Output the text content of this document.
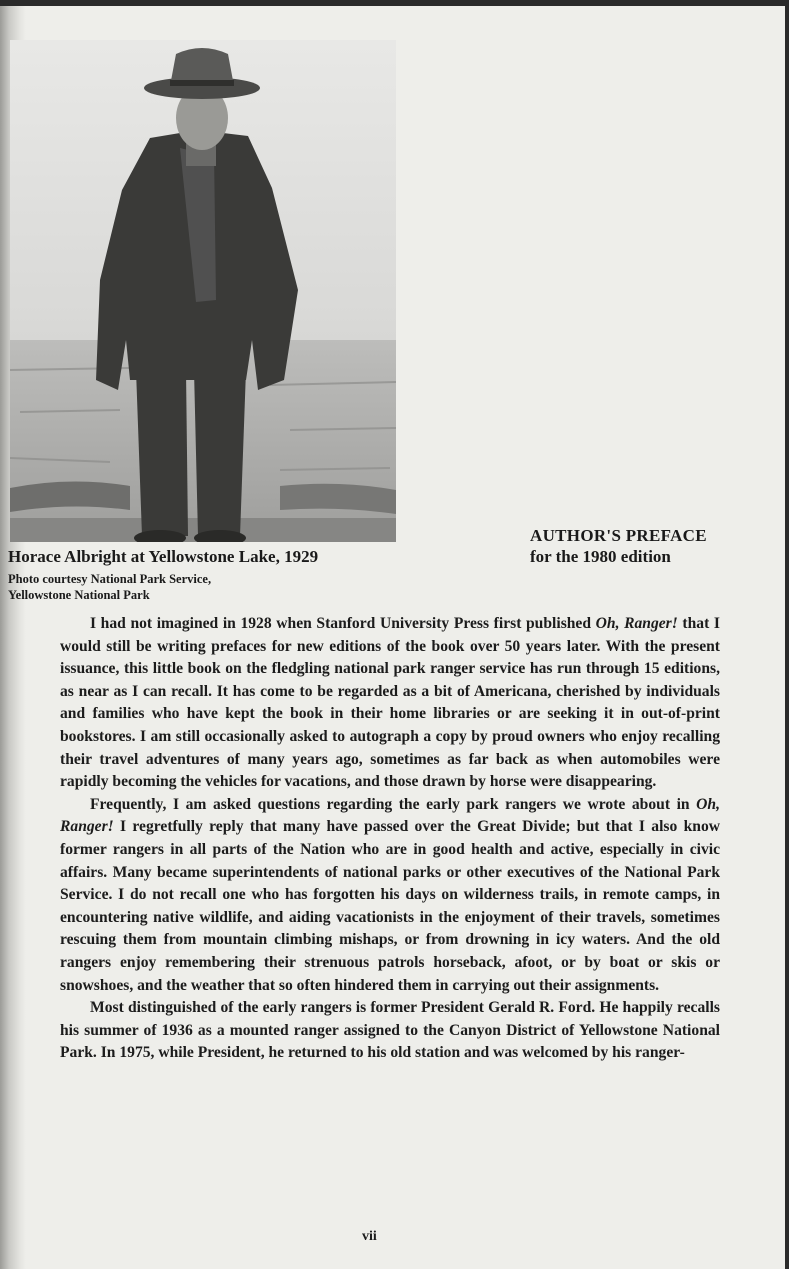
Horace Albright at Yellowstone Lake, 1929
Photo courtesy National Park Service,
Yellowstone National Park
AUTHOR'S PREFACE
for the 1980 edition

I had not imagined in 1928 when Stanford University Press first published Oh, Ranger! that I would still be writing prefaces for new editions of the book over 50 years later. With the present issuance, this little book on the fledgling national park ranger service has run through 15 editions, as near as I can recall. It has come to be regarded as a bit of Americana, cherished by individuals and families who have kept the book in their home libraries or are seeking it in out-of-print bookstores. I am still occasionally asked to autograph a copy by proud owners who enjoy recalling their travel adventures of many years ago, sometimes as far back as when automobiles were rapidly becoming the vehicles for vacations, and those drawn by horse were disappearing.

Frequently, I am asked questions regarding the early park rangers we wrote about in Oh, Ranger! I regretfully reply that many have passed over the Great Divide; but that I also know former rangers in all parts of the Nation who are in good health and active, especially in civic affairs. Many became superintendents of national parks or other executives of the National Park Service. I do not recall one who has forgotten his days on wilderness trails, in remote camps, in encountering native wildlife, and aiding vacationists in the enjoyment of their travels, sometimes rescuing them from mountain climbing mishaps, or from drowning in icy waters. And the old rangers enjoy remembering their strenuous patrols horseback, afoot, or by boat or skis or snowshoes, and the weather that so often hindered them in carrying out their assignments.

Most distinguished of the early rangers is former President Gerald R. Ford. He happily recalls his summer of 1936 as a mounted ranger assigned to the Canyon District of Yellowstone National Park. In 1975, while President, he returned to his old station and was welcomed by his ranger-

vii
